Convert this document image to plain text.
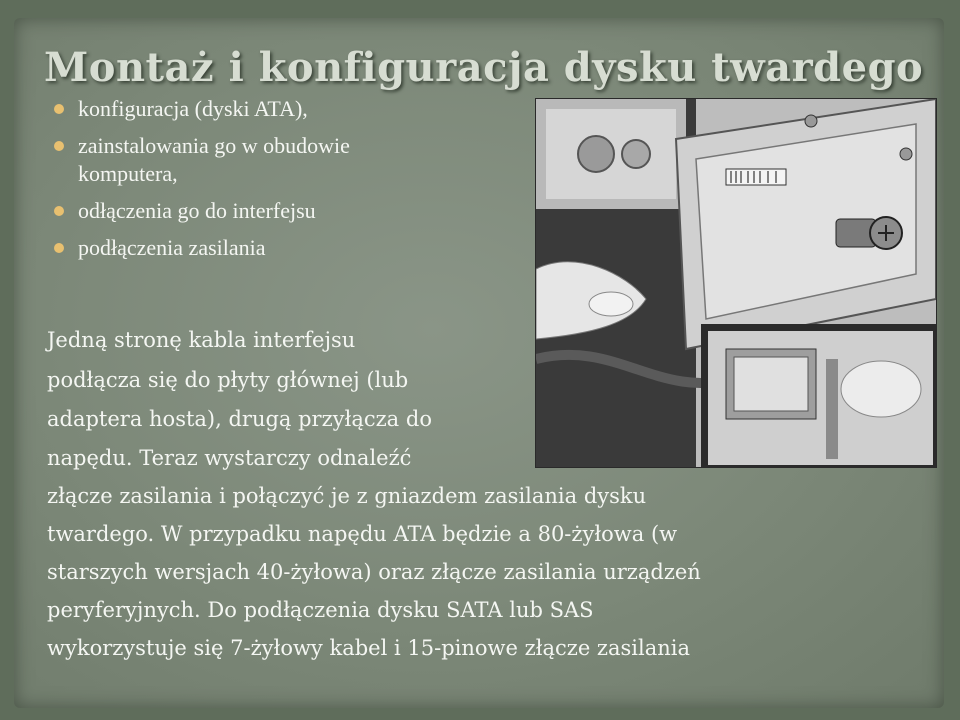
Montaż i konfiguracja dysku twardego
konfiguracja (dyski ATA),
zainstalowania go w obudowie komputera,
odłączenia go do interfejsu
podłączenia zasilania
Jedną stronę kabla interfejsu
podłącza się do płyty głównej (lub
adaptera hosta), drugą przyłącza do
napędu. Teraz wystarczy odnaleźć
złącze zasilania i połączyć je z gniazdem zasilania dysku
twardego. W przypadku napędu ATA będzie a 80-żyłowa (w
starszych wersjach 40-żyłowa) oraz złącze zasilania urządzeń
peryferyjnych. Do podłączenia dysku SATA lub SAS
wykorzystuje się 7-żyłowy kabel i 15-pinowe złącze zasilania
